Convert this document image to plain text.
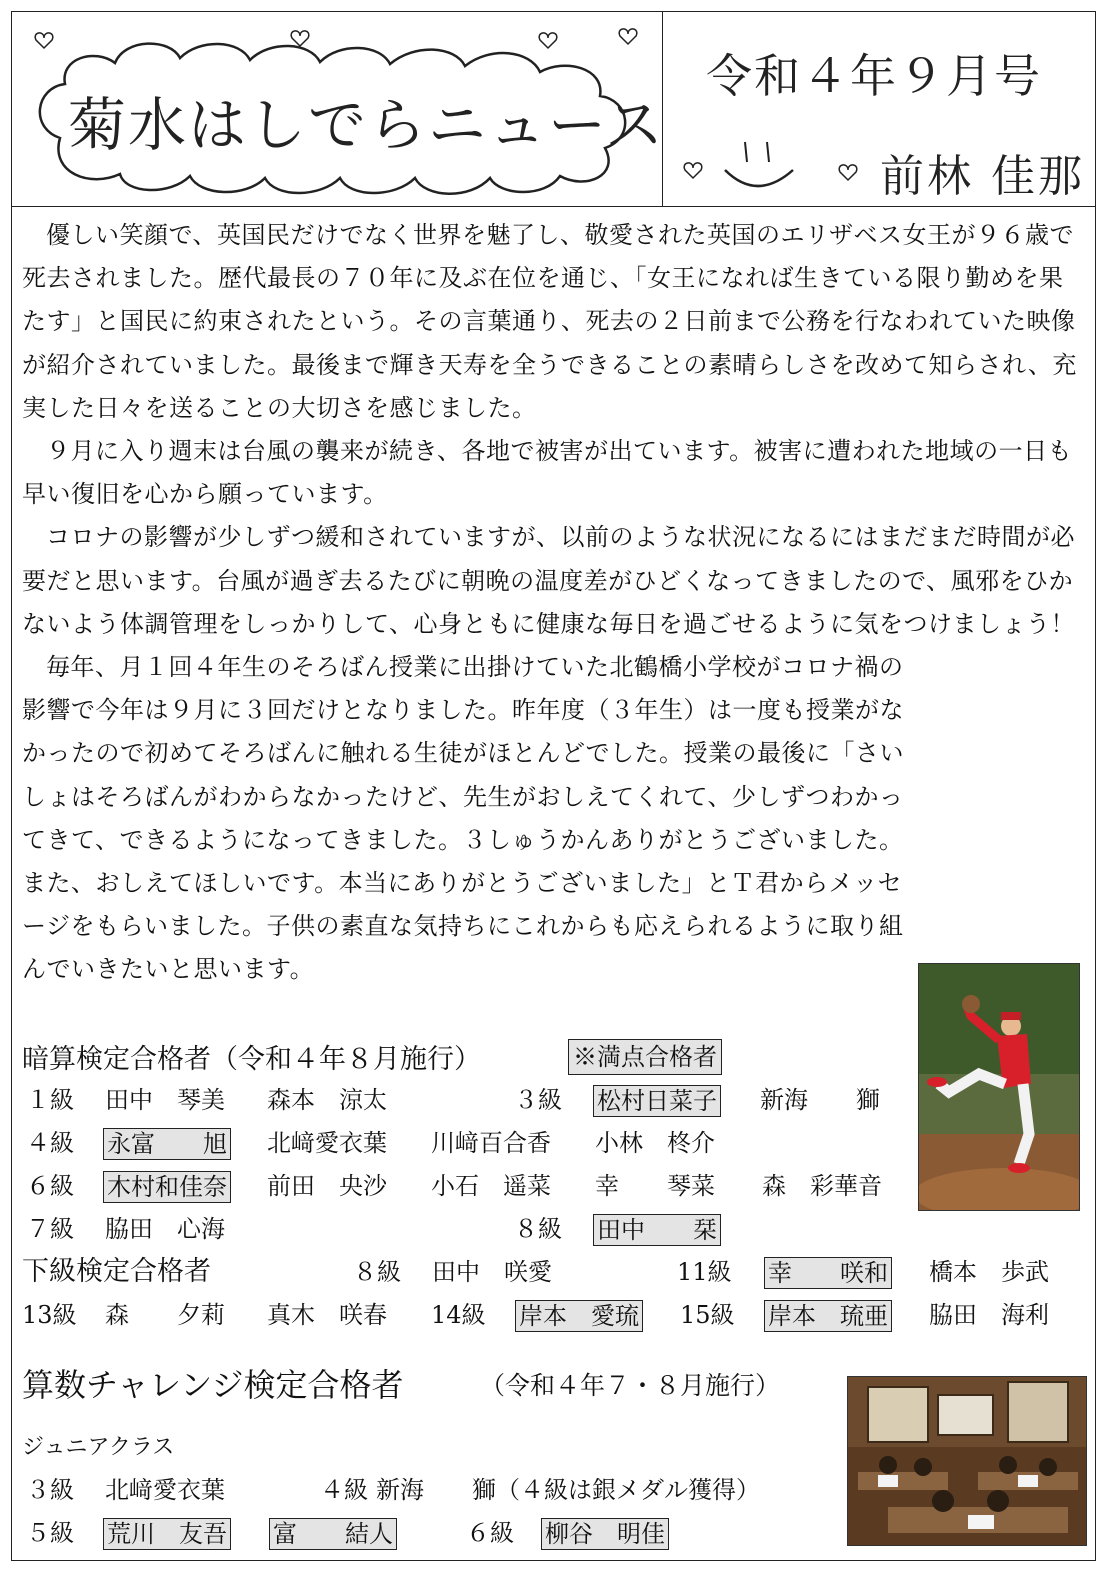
菊水はしでらニュース
令和４年９月号
前林 佳那

優しい笑顔で、英国民だけでなく世界を魅了し、敬愛された英国のエリザベス女王が９６歳で死去されました。歴代最長の７０年に及ぶ在位を通じ、「女王になれば生きている限り勤めを果たす」と国民に約束されたという。その言葉通り、死去の２日前まで公務を行なわれていた映像が紹介されていました。最後まで輝き天寿を全うできることの素晴らしさを改めて知らされ、充実した日々を送ることの大切さを感じました。

９月に入り週末は台風の襲来が続き、各地で被害が出ています。被害に遭われた地域の一日も早い復旧を心から願っています。

コロナの影響が少しずつ緩和されていますが、以前のような状況になるにはまだまだ時間が必要だと思います。台風が過ぎ去るたびに朝晩の温度差がひどくなってきましたので、風邪をひかないよう体調管理をしっかりして、心身ともに健康な毎日を過ごせるように気をつけましょう！

毎年、月１回４年生のそろばん授業に出掛けていた北鶴橋小学校がコロナ禍の影響で今年は９月に３回だけとなりました。昨年度（３年生）は一度も授業がなかったので初めてそろばんに触れる生徒がほとんどでした。授業の最後に「さいしょはそろばんがわからなかったけど、先生がおしえてくれて、少しずつわかってきて、できるようになってきました。３しゅうかんありがとうございました。また、おしえてほしいです。本当にありがとうございました」とＴ君からメッセージをもらいました。子供の素直な気持ちにこれからも応えられるように取り組んでいきたいと思います。

暗算検定合格者（令和４年８月施行）	※満点合格者
１級 田中　琴美 森本　涼太	３級 松村日菜子 新海　　獅
４級 永富　　旭 北﨑愛衣葉 川﨑百合香 小林　柊介
６級 木村和佳奈 前田　央沙 小石　遥菜 幸　　琴菜 森　彩華音
７級 脇田　心海	８級 田中　　栞
下級検定合格者	８級 田中　咲愛	11級 幸　　咲和 橋本　歩武
13級 森　　夕莉 真木　咲春 14級 岸本　愛琉 15級 岸本　琉亜 脇田　海利
算数チャレンジ検定合格者	（令和４年７・８月施行）
ジュニアクラス
３級 北﨑愛衣葉	４級 新海　　獅（４級は銀メダル獲得）
５級 荒川　友吾 富　　結人	６級 柳谷　明佳
